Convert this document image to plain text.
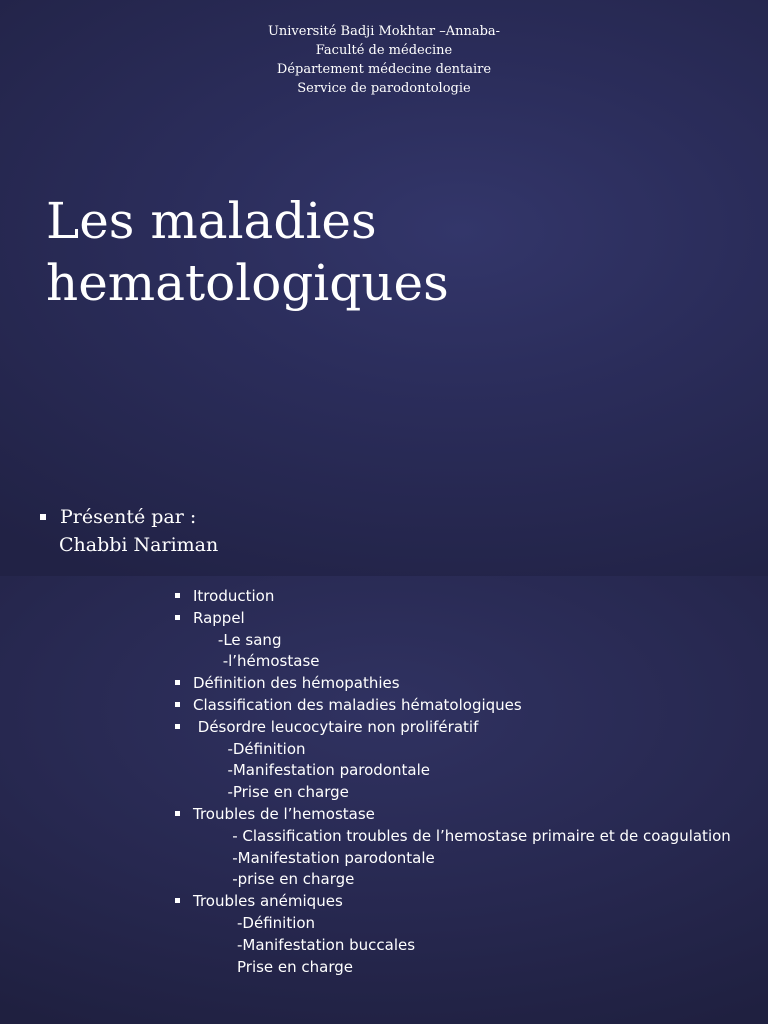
Université Badji Mokhtar –Annaba-
Faculté de médecine
Département médecine dentaire
Service de parodontologie
Les maladies
hematologiques
Présenté par :
Chabbi Nariman
Itroduction
Rappel
-Le sang
-l’hémostase
Définition des hémopathies
Classification des maladies hématologiques
Désordre leucocytaire non prolifératif
-Définition
-Manifestation parodontale
-Prise en charge
Troubles de l’hemostase
- Classification troubles de l’hemostase primaire et de coagulation
-Manifestation parodontale
-prise en charge
Troubles anémiques
-Définition
-Manifestation buccales
Prise en charge
